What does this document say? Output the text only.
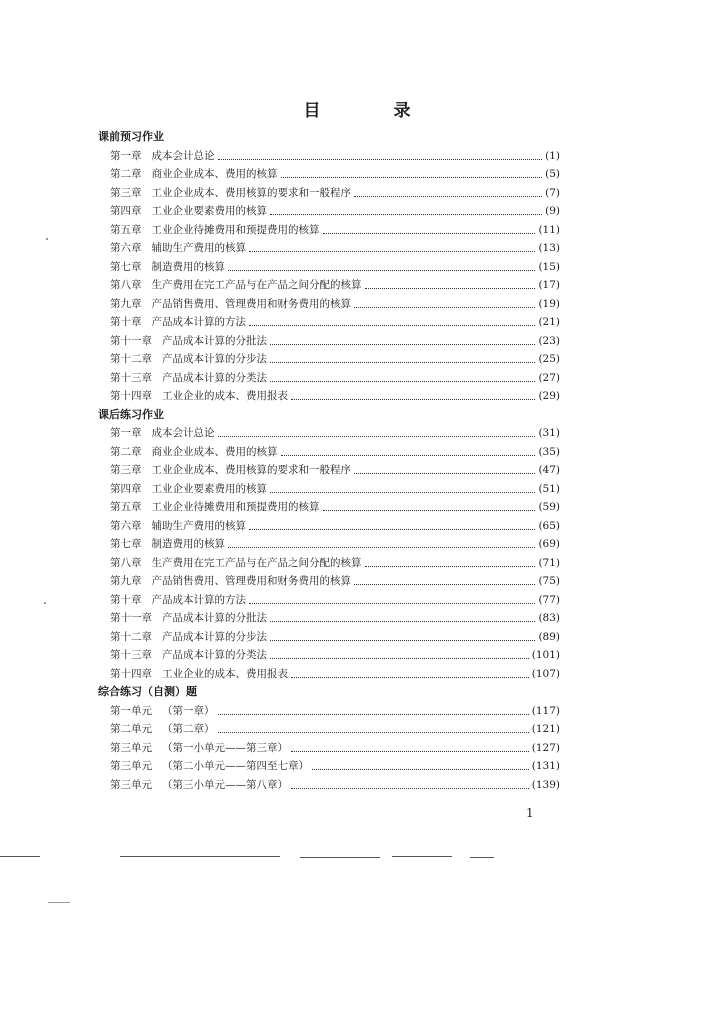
目　录
课前预习作业
第一章 成本会计总论	(1)
第二章 商业企业成本、费用的核算	(5)
第三章 工业企业成本、费用核算的要求和一般程序	(7)
第四章 工业企业要素费用的核算	(9)
第五章 工业企业待摊费用和预提费用的核算	(11)
第六章 辅助生产费用的核算	(13)
第七章 制造费用的核算	(15)
第八章 生产费用在完工产品与在产品之间分配的核算	(17)
第九章 产品销售费用、管理费用和财务费用的核算	(19)
第十章 产品成本计算的方法	(21)
第十一章 产品成本计算的分批法	(23)
第十二章 产品成本计算的分步法	(25)
第十三章 产品成本计算的分类法	(27)
第十四章 工业企业的成本、费用报表	(29)
课后练习作业
第一章 成本会计总论	(31)
第二章 商业企业成本、费用的核算	(35)
第三章 工业企业成本、费用核算的要求和一般程序	(47)
第四章 工业企业要素费用的核算	(51)
第五章 工业企业待摊费用和预提费用的核算	(59)
第六章 辅助生产费用的核算	(65)
第七章 制造费用的核算	(69)
第八章 生产费用在完工产品与在产品之间分配的核算	(71)
第九章 产品销售费用、管理费用和财务费用的核算	(75)
第十章 产品成本计算的方法	(77)
第十一章 产品成本计算的分批法	(83)
第十二章 产品成本计算的分步法	(89)
第十三章 产品成本计算的分类法	(101)
第十四章 工业企业的成本、费用报表	(107)
综合练习（自测）题
第一单元 （第一章）	(117)
第二单元 （第二章）	(121)
第三单元 （第一小单元——第三章）	(127)
第三单元 （第二小单元——第四至七章）	(131)
第三单元 （第三小单元——第八章）	(139)
1
